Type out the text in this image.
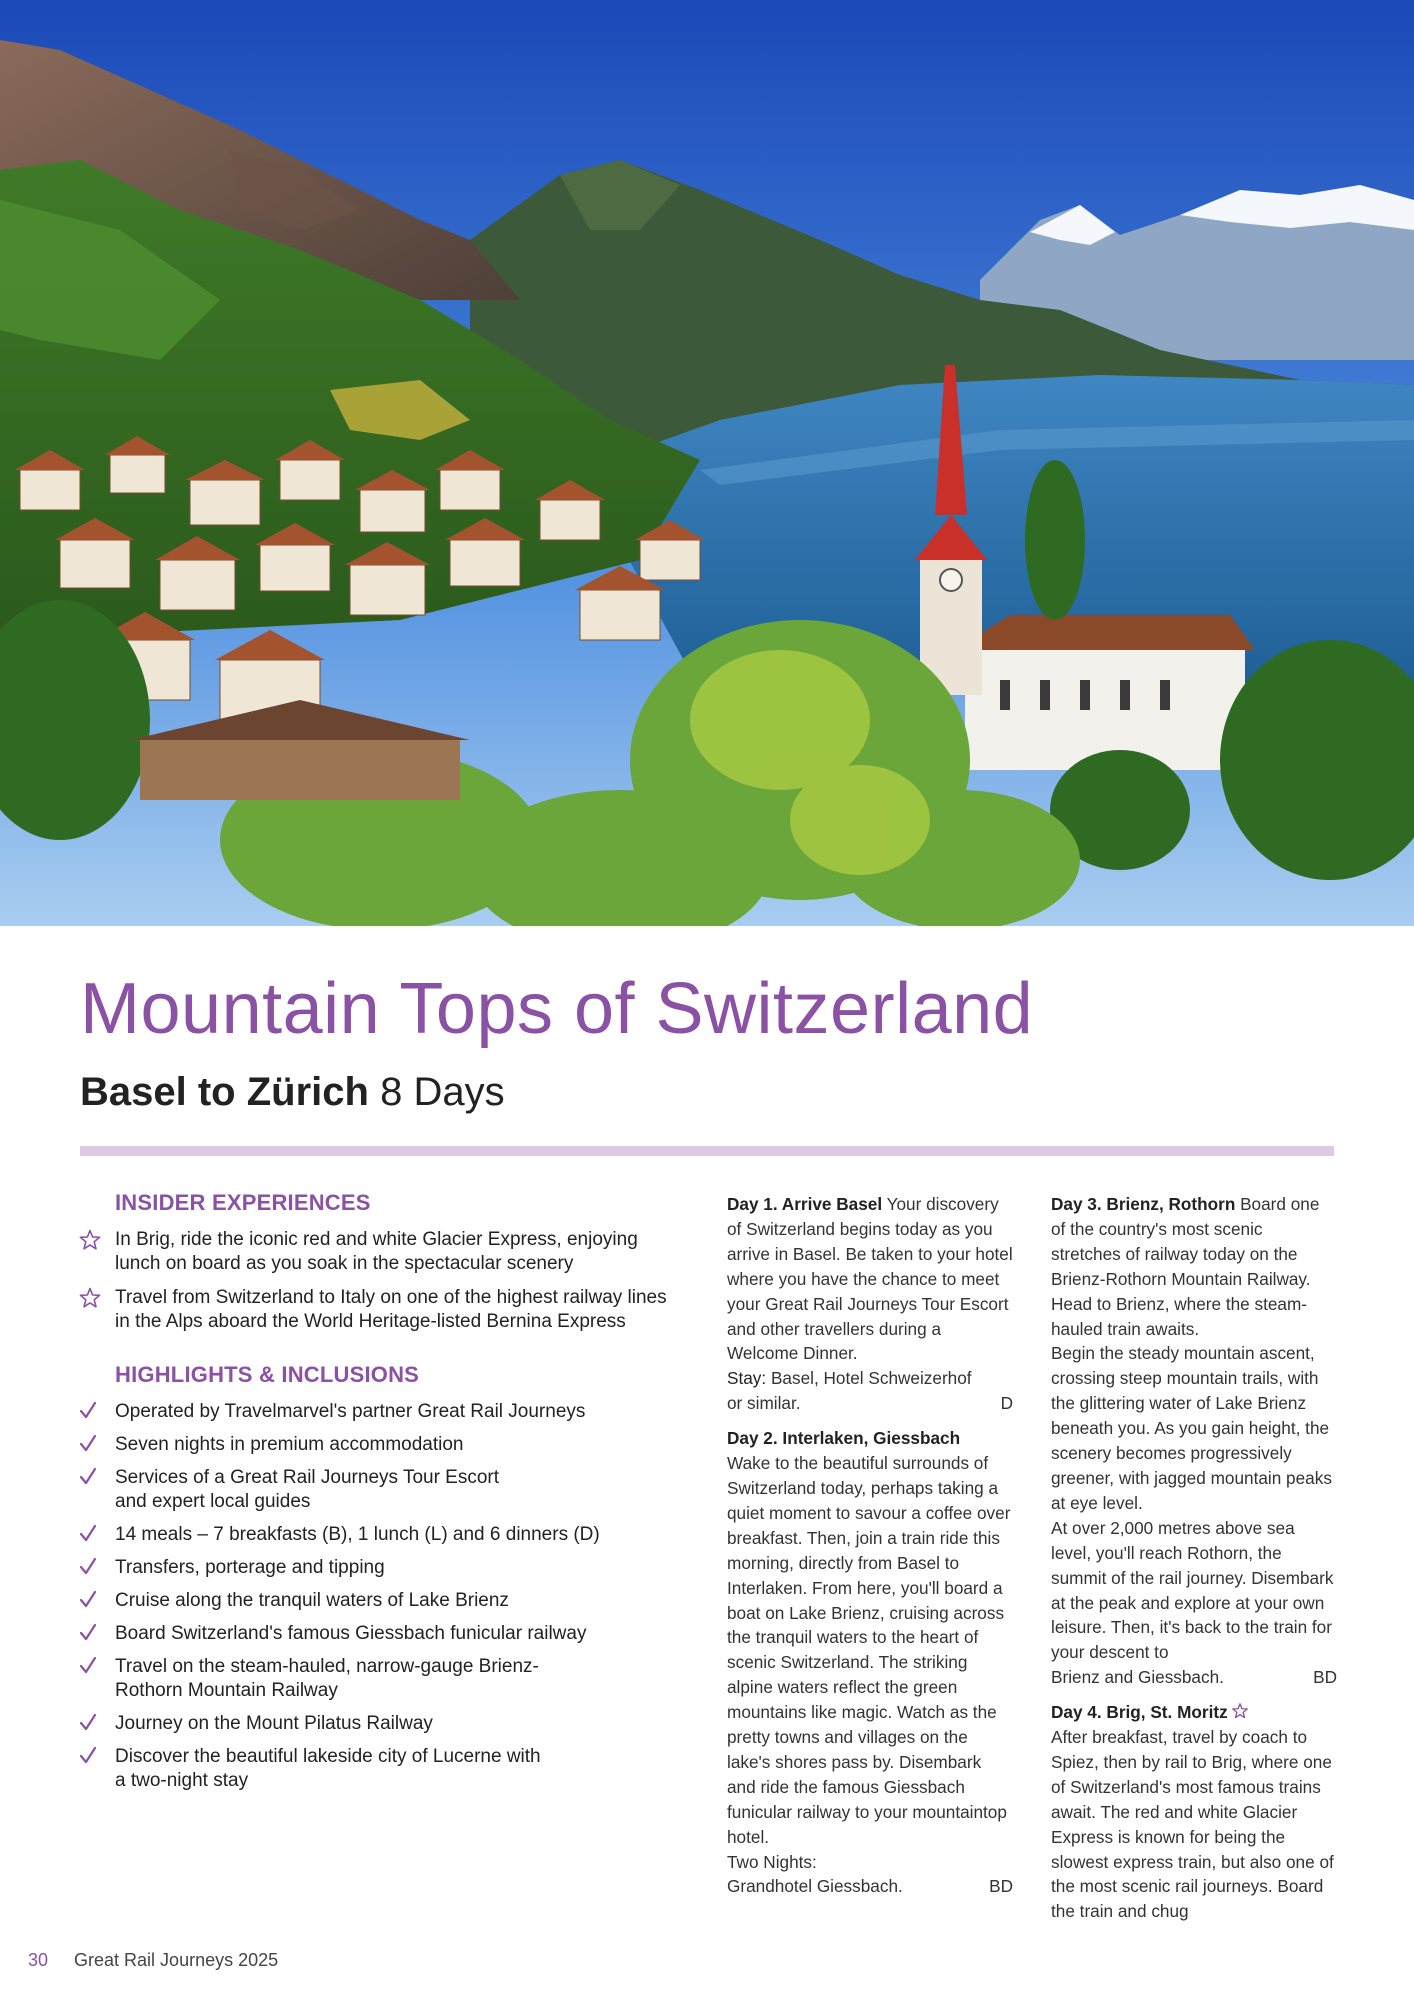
Mountain Tops of Switzerland
Basel to Zürich 8 Days
INSIDER EXPERIENCES
In Brig, ride the iconic red and white Glacier Express, enjoying lunch on board as you soak in the spectacular scenery
Travel from Switzerland to Italy on one of the highest railway lines in the Alps aboard the World Heritage-listed Bernina Express
HIGHLIGHTS & INCLUSIONS
Operated by Travelmarvel's partner Great Rail Journeys
Seven nights in premium accommodation
Services of a Great Rail Journeys Tour Escort and expert local guides
14 meals – 7 breakfasts (B), 1 lunch (L) and 6 dinners (D)
Transfers, porterage and tipping
Cruise along the tranquil waters of Lake Brienz
Board Switzerland's famous Giessbach funicular railway
Travel on the steam-hauled, narrow-gauge Brienz-Rothorn Mountain Railway
Journey on the Mount Pilatus Railway
Discover the beautiful lakeside city of Lucerne with a two-night stay
Day 1. Arrive Basel Your discovery of Switzerland begins today as you arrive in Basel. Be taken to your hotel where you have the chance to meet your Great Rail Journeys Tour Escort and other travellers during a Welcome Dinner.
Stay: Basel, Hotel Schweizerhof
or similar.	D
Day 2. Interlaken, Giessbach
Wake to the beautiful surrounds of Switzerland today, perhaps taking a quiet moment to savour a coffee over breakfast. Then, join a train ride this morning, directly from Basel to Interlaken. From here, you'll board a boat on Lake Brienz, cruising across the tranquil waters to the heart of scenic Switzerland. The striking alpine waters reflect the green mountains like magic. Watch as the pretty towns and villages on the lake's shores pass by. Disembark and ride the famous Giessbach funicular railway to your mountaintop hotel.
Two Nights:
Grandhotel Giessbach.	BD
Day 3. Brienz, Rothorn Board one of the country's most scenic stretches of railway today on the Brienz-Rothorn Mountain Railway. Head to Brienz, where the steam-hauled train awaits.
Begin the steady mountain ascent, crossing steep mountain trails, with the glittering water of Lake Brienz beneath you. As you gain height, the scenery becomes progressively greener, with jagged mountain peaks at eye level.
At over 2,000 metres above sea level, you'll reach Rothorn, the summit of the rail journey. Disembark at the peak and explore at your own leisure. Then, it's back to the train for your descent to
Brienz and Giessbach.	BD
Day 4. Brig, St. Moritz
After breakfast, travel by coach to Spiez, then by rail to Brig, where one of Switzerland's most famous trains await. The red and white Glacier Express is known for being the slowest express train, but also one of the most scenic rail journeys. Board the train and chug
30 Great Rail Journeys 2025
